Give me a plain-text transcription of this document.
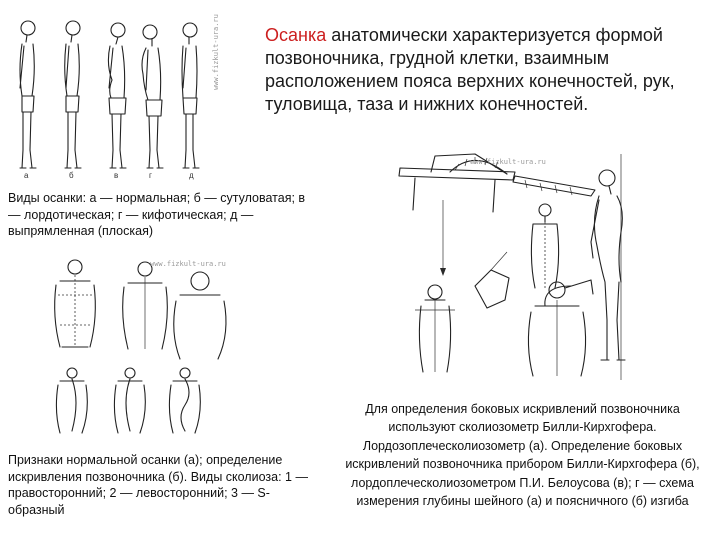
Осанка анатомически характеризуется формой позвоночника, грудной клетки, взаимным расположением пояса верхних конечностей, рук, туловища, таза и нижних конечностей.
а	б	в	г	д
www.fizkult-ura.ru
Виды осанки: а — нормальная; б — сутуловатая; в — лордотическая; г — кифотическая; д — выпрямленная (плоская)
www.fizkult-ura.ru
www.fizkult-ura.ru
Признаки нормальной осанки (а); определение искривления позвоночника (б). Виды сколиоза: 1 — правосторонний; 2 — левосторонний; 3 — S-образный
Для определения боковых искривлений позвоночника используют сколиозометр Билли-Кирхгофера. Лордозоплеческолиозометр (а). Определение боковых искривлений позвоночника прибором Билли-Кирхгофера (б), лордоплеческолиозометром П.И. Белоусова (в); г — схема измерения глубины шейного (а) и поясничного (б) изгиба
